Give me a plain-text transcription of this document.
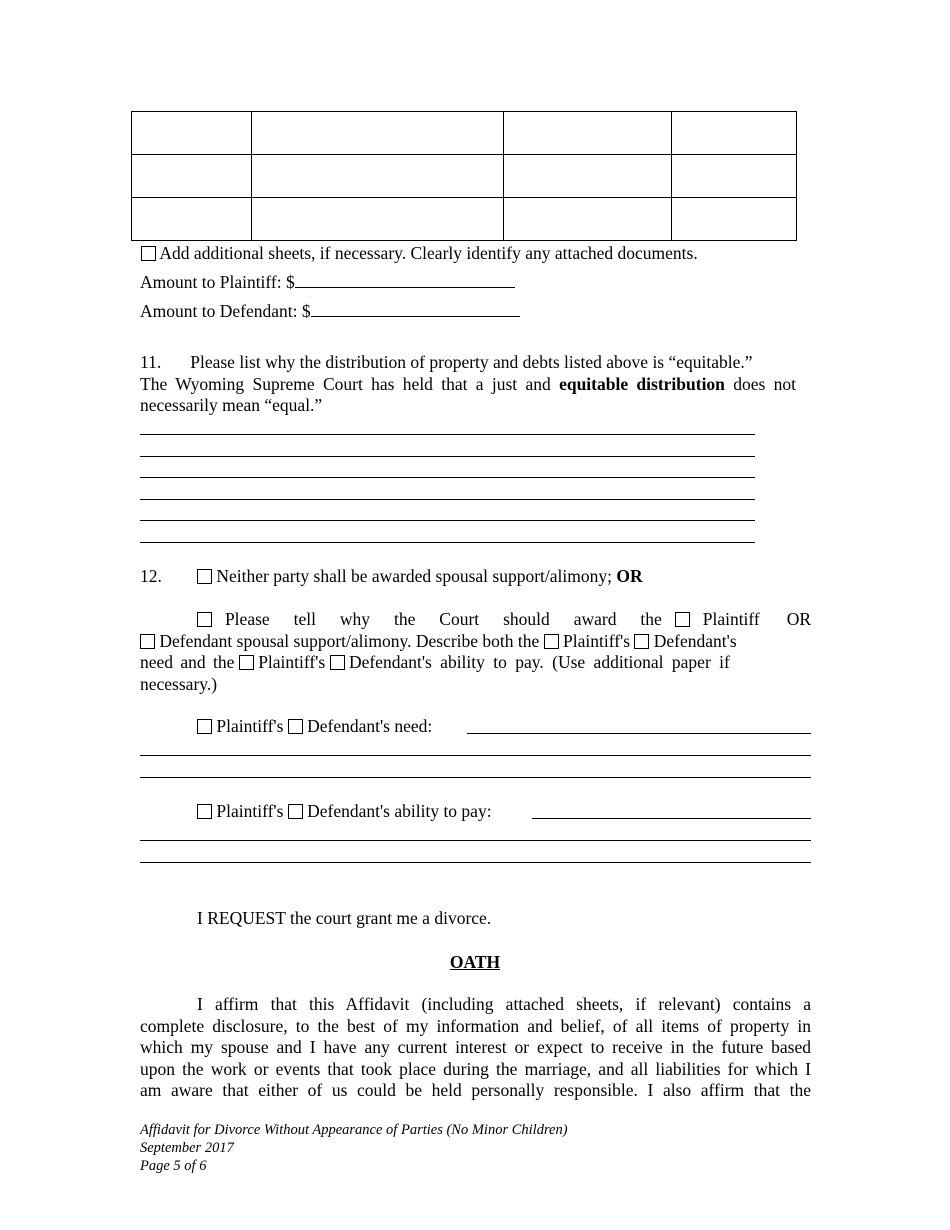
Add additional sheets, if necessary. Clearly identify any attached documents.
Amount to Plaintiff: $
Amount to Defendant: $
11. Please list why the distribution of property and debts listed above is “equitable.”
The Wyoming Supreme Court has held that a just and equitable distribution does not
necessarily mean “equal.”
12.	Neither party shall be awarded spousal support/alimony; OR
Please tell why the Court should award the Plaintiff OR
Defendant spousal support/alimony. Describe both the Plaintiff's Defendant's
need and the Plaintiff's Defendant's ability to pay. (Use additional paper if
necessary.)
Plaintiff's Defendant's need:
Plaintiff's Defendant's ability to pay:
I REQUEST the court grant me a divorce.
OATH
I affirm that this Affidavit (including attached sheets, if relevant) contains a
complete disclosure, to the best of my information and belief, of all items of property in
which my spouse and I have any current interest or expect to receive in the future based
upon the work or events that took place during the marriage, and all liabilities for which I
am aware that either of us could be held personally responsible. I also affirm that the
Affidavit for Divorce Without Appearance of Parties (No Minor Children)
September 2017
Page 5 of 6
